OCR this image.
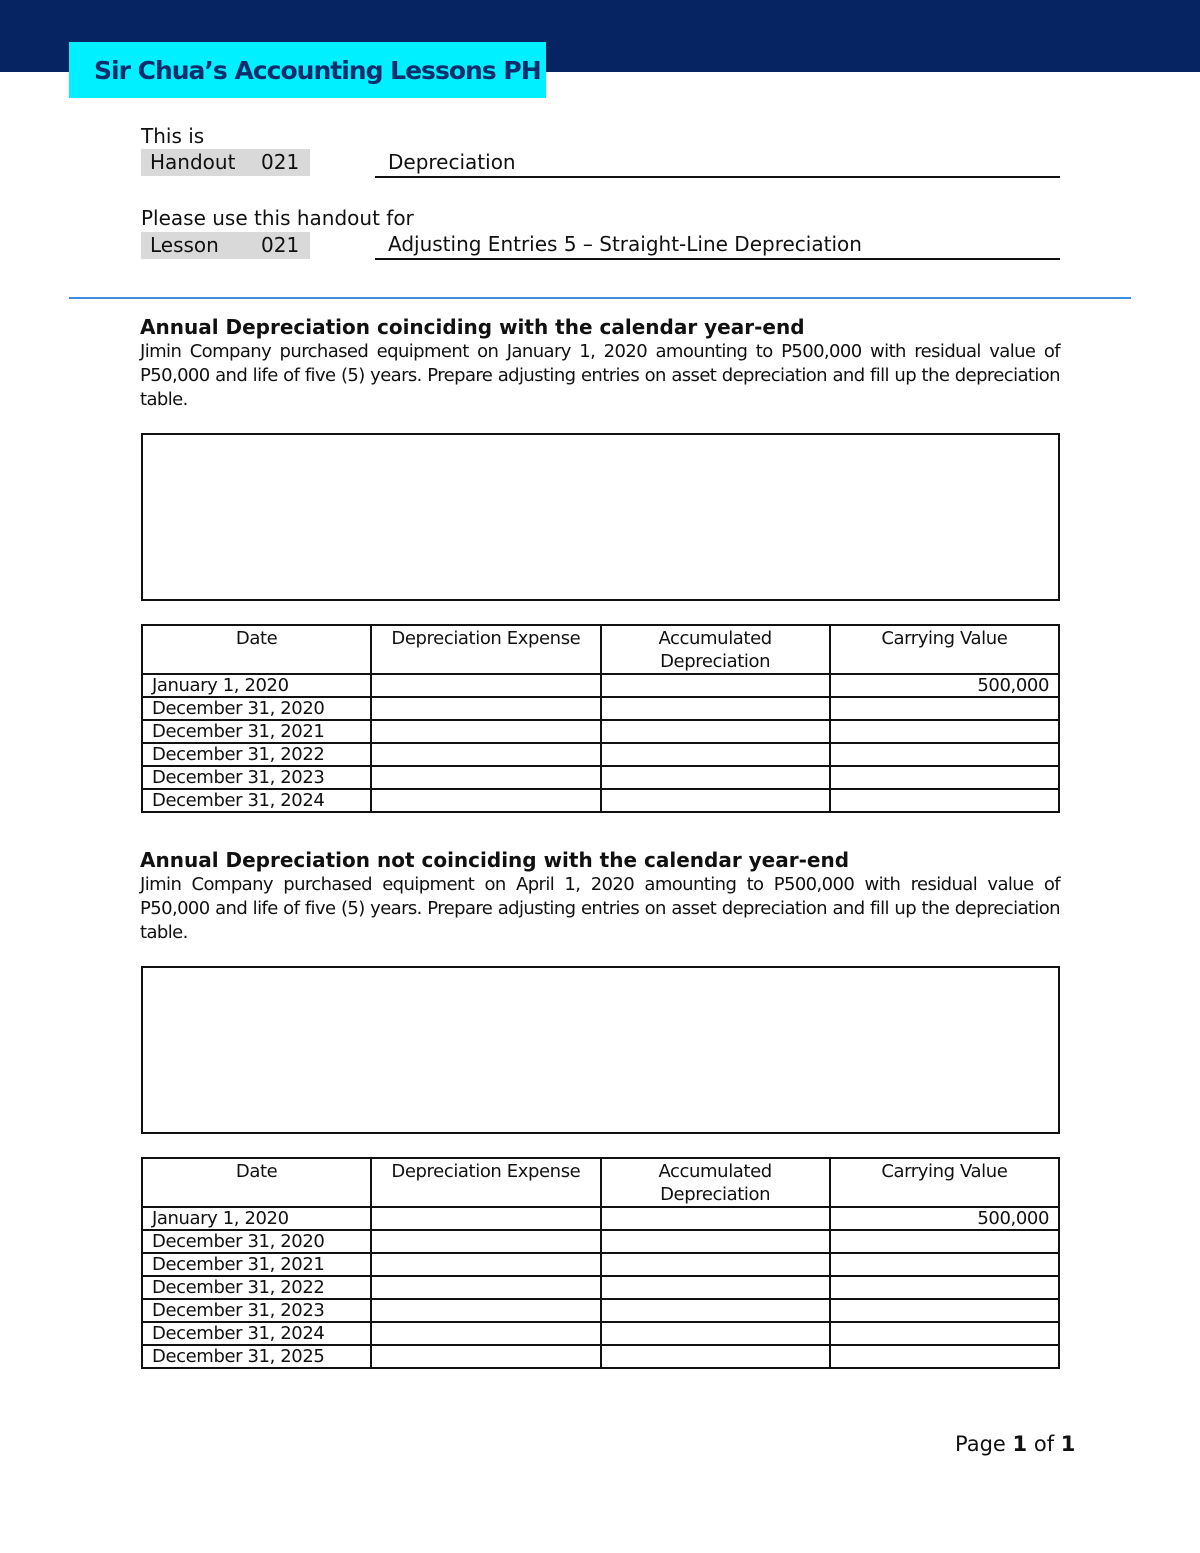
Sir Chua’s Accounting Lessons PH
This is
Handout 021	Depreciation
Please use this handout for
Lesson 021	Adjusting Entries 5 – Straight-Line Depreciation
Annual Depreciation coinciding with the calendar year-end

Jimin Company purchased equipment on January 1, 2020 amounting to P500,000 with residual value of P50,000 and life of five (5) years. Prepare adjusting entries on asset depreciation and fill up the depreciation table.

Date	Depreciation Expense	Accumulated Depreciation	Carrying Value
January 1, 2020			500,000
December 31, 2020			
December 31, 2021			
December 31, 2022			
December 31, 2023			
December 31, 2024			
Annual Depreciation not coinciding with the calendar year-end

Jimin Company purchased equipment on April 1, 2020 amounting to P500,000 with residual value of P50,000 and life of five (5) years. Prepare adjusting entries on asset depreciation and fill up the depreciation table.

Date	Depreciation Expense	Accumulated Depreciation	Carrying Value
January 1, 2020			500,000
December 31, 2020			
December 31, 2021			
December 31, 2022			
December 31, 2023			
December 31, 2024			
December 31, 2025			
Page 1 of 1
